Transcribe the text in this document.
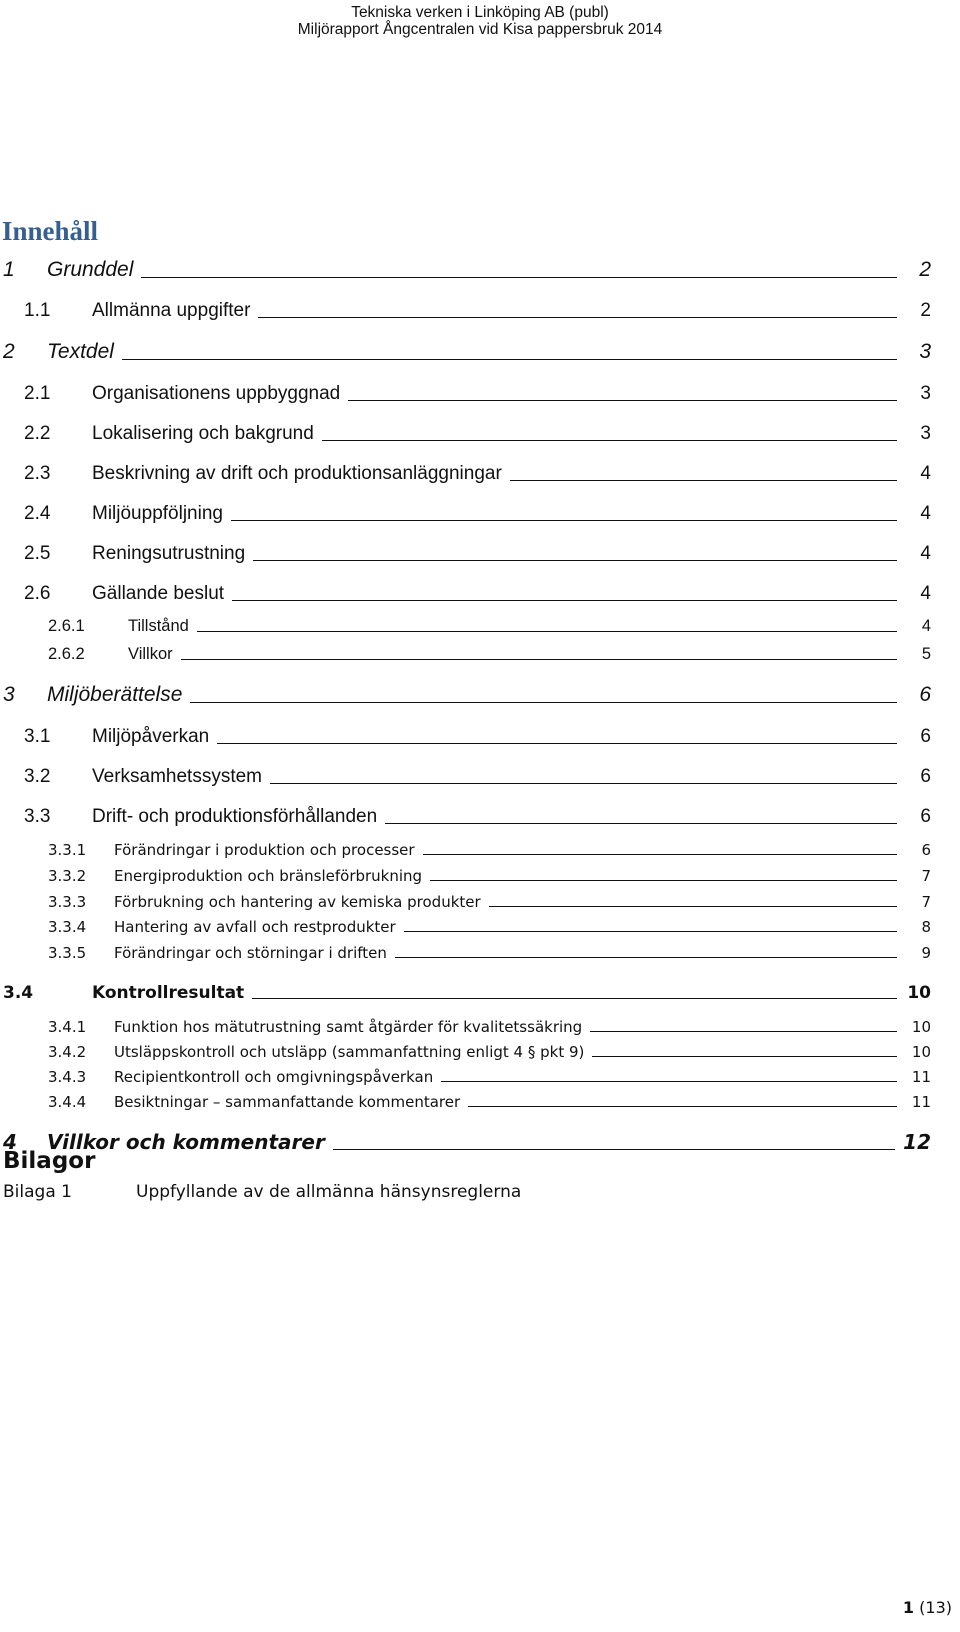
Tekniska verken i Linköping AB (publ)
Miljörapport Ångcentralen vid Kisa pappersbruk 2014
Innehåll
1 Grunddel	2
1.1 Allmänna uppgifter	2
2 Textdel	3
2.1 Organisationens uppbyggnad	3
2.2 Lokalisering och bakgrund	3
2.3 Beskrivning av drift och produktionsanläggningar	4
2.4 Miljöuppföljning	4
2.5 Reningsutrustning	4
2.6 Gällande beslut	4
2.6.1	Tillstånd	4
2.6.2	Villkor	5
3 Miljöberättelse	6
3.1 Miljöpåverkan	6
3.2 Verksamhetssystem	6
3.3 Drift- och produktionsförhållanden	6
3.3.1 Förändringar i produktion och processer	6
3.3.2 Energiproduktion och bränsleförbrukning	7
3.3.3 Förbrukning och hantering av kemiska produkter	7
3.3.4 Hantering av avfall och restprodukter	8
3.3.5 Förändringar och störningar i driften	9
3.4	Kontrollresultat	10
3.4.1 Funktion hos mätutrustning samt åtgärder för kvalitetssäkring	10
3.4.2 Utsläppskontroll och utsläpp (sammanfattning enligt 4 § pkt 9)	10
3.4.3 Recipientkontroll och omgivningspåverkan	11
3.4.4 Besiktningar – sammanfattande kommentarer	11
4 Villkor och kommentarer	12
Bilagor
Bilaga 1	Uppfyllande av de allmänna hänsynsreglerna
1 (13)
